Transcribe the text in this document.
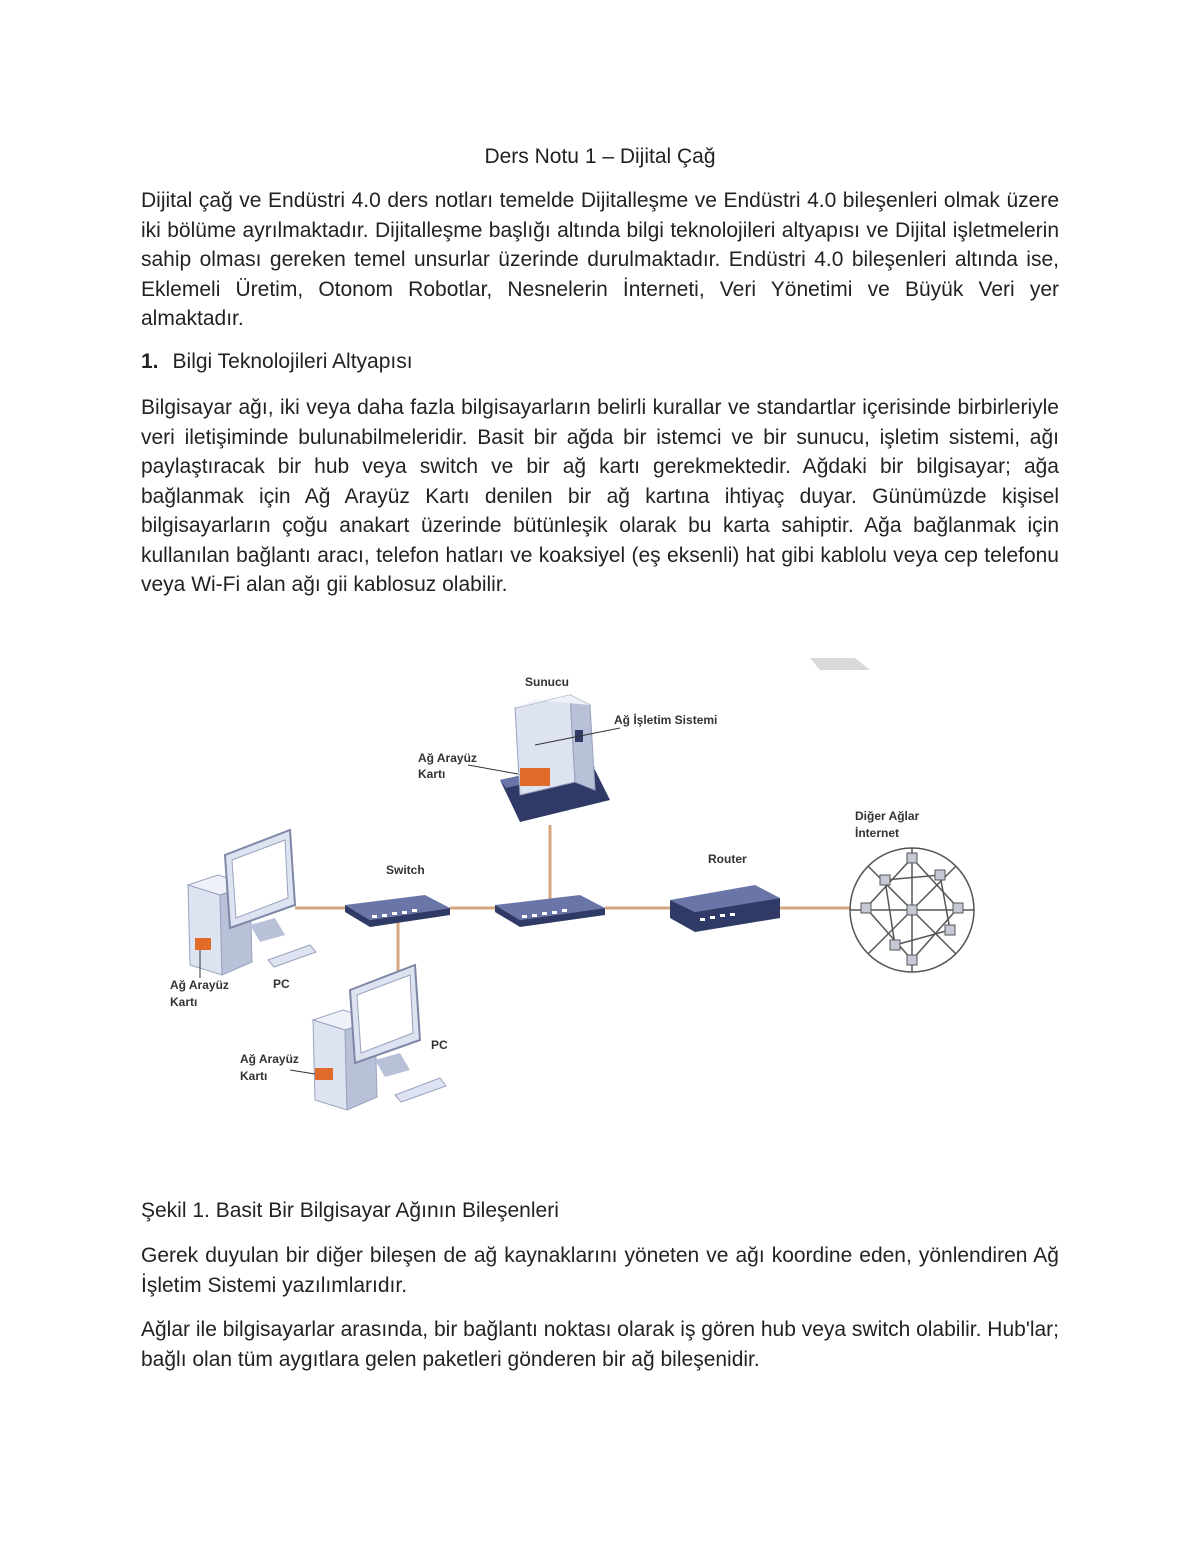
Ders Notu 1 – Dijital Çağ

Dijital çağ ve Endüstri 4.0 ders notları temelde Dijitalleşme ve Endüstri 4.0 bileşenleri olmak üzere iki bölüme ayrılmaktadır. Dijitalleşme başlığı altında bilgi teknolojileri altyapısı ve Dijital işletmelerin sahip olması gereken temel unsurlar üzerinde durulmaktadır. Endüstri 4.0 bileşenleri altında ise, Eklemeli Üretim, Otonom Robotlar, Nesnelerin İnterneti, Veri Yönetimi ve Büyük Veri yer almaktadır.

1. Bilgi Teknolojileri Altyapısı

Bilgisayar ağı, iki veya daha fazla bilgisayarların belirli kurallar ve standartlar içerisinde birbirleriyle veri iletişiminde bulunabilmeleridir. Basit bir ağda bir istemci ve bir sunucu, işletim sistemi, ağı paylaştıracak bir hub veya switch ve bir ağ kartı gerekmektedir. Ağdaki bir bilgisayar; ağa bağlanmak için Ağ Arayüz Kartı denilen bir ağ kartına ihtiyaç duyar. Günümüzde kişisel bilgisayarların çoğu anakart üzerinde bütünleşik olarak bu karta sahiptir. Ağa bağlanmak için kullanılan bağlantı aracı, telefon hatları ve koaksiyel (eş eksenli) hat gibi kablolu veya cep telefonu veya Wi-Fi alan ağı gii kablosuz olabilir.

Sunucu
Ağ İşletim Sistemi
Ağ Arayüz
Kartı
Switch
Router
Diğer Ağlar
İnternet
Ağ Arayüz
Kartı
PC
Ağ Arayüz
Kartı
PC

Şekil 1. Basit Bir Bilgisayar Ağının Bileşenleri

Gerek duyulan bir diğer bileşen de ağ kaynaklarını yöneten ve ağı koordine eden, yönlendiren Ağ İşletim Sistemi yazılımlarıdır.

Ağlar ile bilgisayarlar arasında, bir bağlantı noktası olarak iş gören hub veya switch olabilir. Hub'lar; bağlı olan tüm aygıtlara gelen paketleri gönderen bir ağ bileşenidir.
